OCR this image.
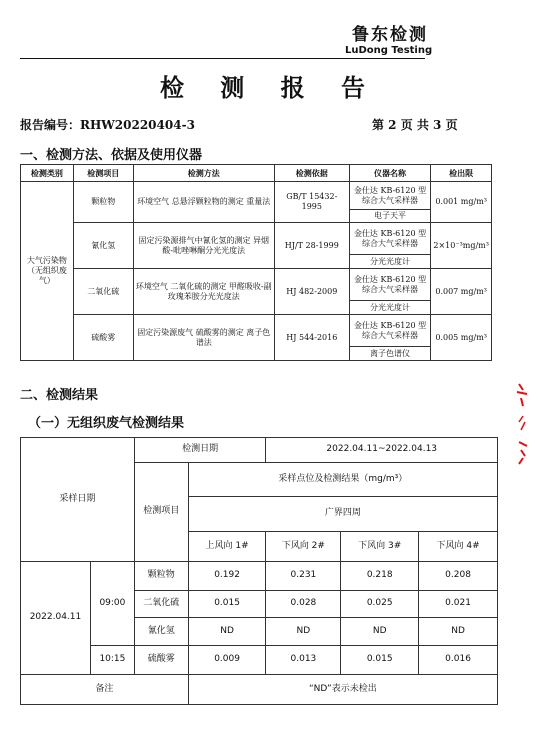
鲁东检测
LuDong Testing
检 测 报 告
报告编号：RHW20220404-3	第 2 页 共 3 页
一、检测方法、依据及使用仪器
检测类别	检测项目	检测方法	检测依据	仪器名称	检出限
大气污染物（无组织废气）	颗粒物	环境空气 总悬浮颗粒物的测定 重量法	GB/T 15432-1995	金仕达 KB-6120 型综合大气采样器	0.001 mg/m³
				电子天平	
	氰化氢	固定污染源排气中氰化氢的测定 异烟酸-吡唑啉酮分光光度法	HJ/T 28-1999	金仕达 KB-6120 型综合大气采样器	2×10⁻³mg/m³
				分光光度计	
	二氧化硫	环境空气 二氧化硫的测定 甲醛吸收-副玫瑰苯胺分光光度法	HJ 482-2009	金仕达 KB-6120 型综合大气采样器	0.007 mg/m³
				分光光度计	
	硫酸雾	固定污染源废气 硫酸雾的测定 离子色谱法	HJ 544-2016	金仕达 KB-6120 型综合大气采样器	0.005 mg/m³
				离子色谱仪	
二、检测结果
（一）无组织废气检测结果
采样日期		检测日期		2022.04.11~2022.04.13		
		检测项目	采样点位及检测结果（mg/m³）			
			广界四周			
			上风向 1#	下风向 2#	下风向 3#	下风向 4#
2022.04.11	09:00	颗粒物	0.192	0.231	0.218	0.208
		二氧化硫	0.015	0.028	0.025	0.021
		氰化氢	ND	ND	ND	ND
	10:15	硫酸雾	0.009	0.013	0.015	0.016
备注			“ND”表示未检出			
